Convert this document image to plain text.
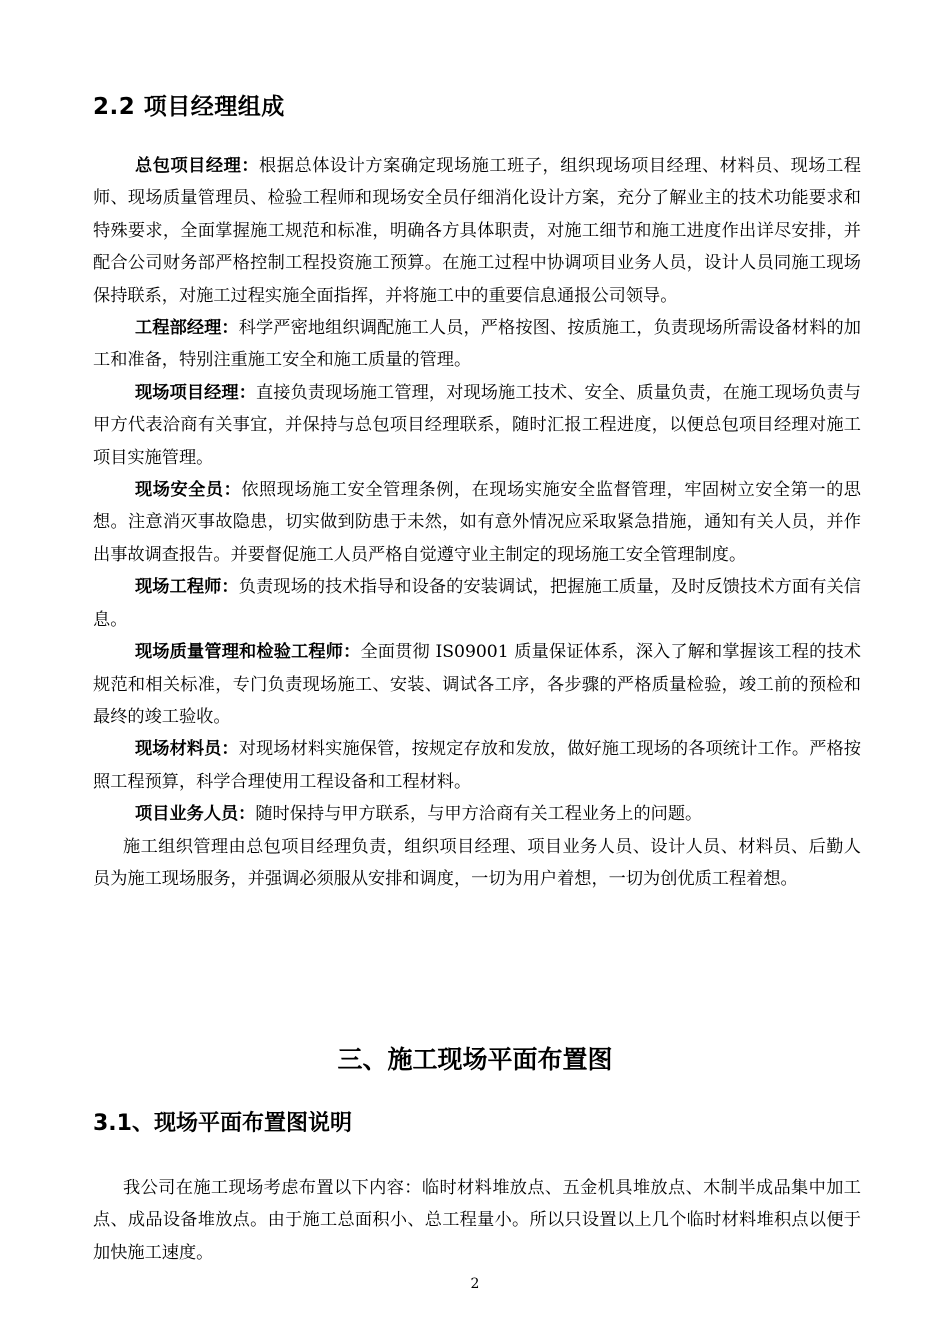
2.2 项目经理组成

总包项目经理：根据总体设计方案确定现场施工班子，组织现场项目经理、材料员、现场工程师、现场质量管理员、检验工程师和现场安全员仔细消化设计方案，充分了解业主的技术功能要求和特殊要求，全面掌握施工规范和标准，明确各方具体职责，对施工细节和施工进度作出详尽安排，并配合公司财务部严格控制工程投资施工预算。在施工过程中协调项目业务人员，设计人员同施工现场保持联系，对施工过程实施全面指挥，并将施工中的重要信息通报公司领导。

工程部经理：科学严密地组织调配施工人员，严格按图、按质施工，负责现场所需设备材料的加工和准备，特别注重施工安全和施工质量的管理。

现场项目经理：直接负责现场施工管理，对现场施工技术、安全、质量负责，在施工现场负责与甲方代表洽商有关事宜，并保持与总包项目经理联系，随时汇报工程进度，以便总包项目经理对施工项目实施管理。

现场安全员：依照现场施工安全管理条例，在现场实施安全监督管理，牢固树立安全第一的思想。注意消灭事故隐患，切实做到防患于未然，如有意外情况应采取紧急措施，通知有关人员，并作出事故调查报告。并要督促施工人员严格自觉遵守业主制定的现场施工安全管理制度。

现场工程师：负责现场的技术指导和设备的安装调试，把握施工质量，及时反馈技术方面有关信息。

现场质量管理和检验工程师：全面贯彻 IS09001 质量保证体系，深入了解和掌握该工程的技术规范和相关标准，专门负责现场施工、安装、调试各工序，各步骤的严格质量检验，竣工前的预检和最终的竣工验收。

现场材料员：对现场材料实施保管，按规定存放和发放，做好施工现场的各项统计工作。严格按照工程预算，科学合理使用工程设备和工程材料。

项目业务人员：随时保持与甲方联系，与甲方洽商有关工程业务上的问题。

施工组织管理由总包项目经理负责，组织项目经理、项目业务人员、设计人员、材料员、后勤人员为施工现场服务，并强调必须服从安排和调度，一切为用户着想，一切为创优质工程着想。

三、施工现场平面布置图
3.1、现场平面布置图说明

我公司在施工现场考虑布置以下内容：临时材料堆放点、五金机具堆放点、木制半成品集中加工点、成品设备堆放点。由于施工总面积小、总工程量小。所以只设置以上几个临时材料堆积点以便于加快施工速度。

2
